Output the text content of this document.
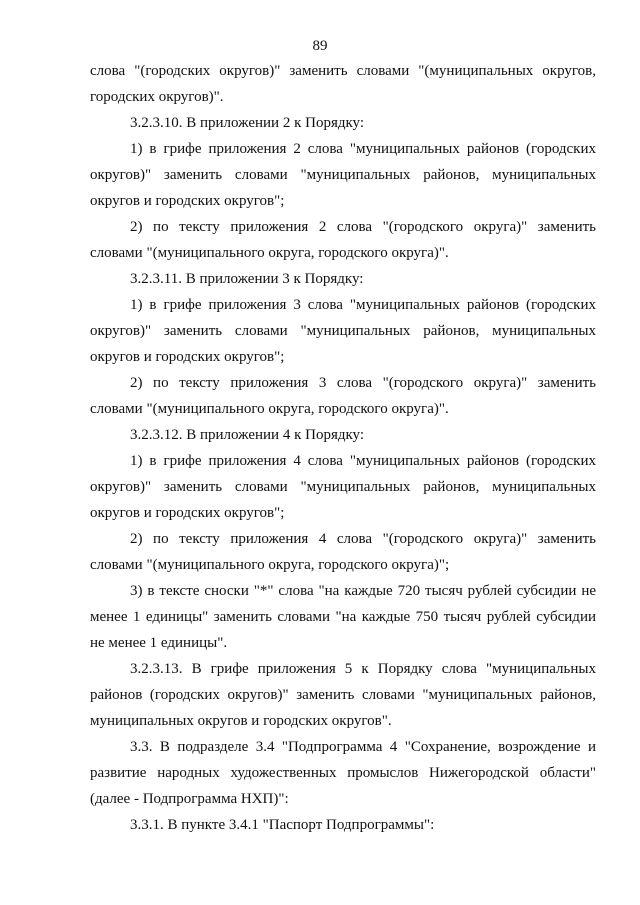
89

слова "(городских округов)" заменить словами "(муниципальных округов, городских округов)".

3.2.3.10. В приложении 2 к Порядку:

1) в грифе приложения 2 слова "муниципальных районов (городских округов)" заменить словами "муниципальных районов, муниципальных округов и городских округов";

2) по тексту приложения 2 слова "(городского округа)" заменить словами "(муниципального округа, городского округа)".

3.2.3.11. В приложении 3 к Порядку:

1) в грифе приложения 3 слова "муниципальных районов (городских округов)" заменить словами "муниципальных районов, муниципальных округов и городских округов";

2) по тексту приложения 3 слова "(городского округа)" заменить словами "(муниципального округа, городского округа)".

3.2.3.12. В приложении 4 к Порядку:

1) в грифе приложения 4 слова "муниципальных районов (городских округов)" заменить словами "муниципальных районов, муниципальных округов и городских округов";

2) по тексту приложения 4 слова "(городского округа)" заменить словами "(муниципального округа, городского округа)";

3) в тексте сноски "*" слова "на каждые 720 тысяч рублей субсидии не менее 1 единицы" заменить словами "на каждые 750 тысяч рублей субсидии не менее 1 единицы".

3.2.3.13. В грифе приложения 5 к Порядку слова "муниципальных районов (городских округов)" заменить словами "муниципальных районов, муниципальных округов и городских округов".

3.3. В подразделе 3.4 "Подпрограмма 4 "Сохранение, возрождение и развитие народных художественных промыслов Нижегородской области" (далее - Подпрограмма НХП)":

3.3.1. В пункте 3.4.1 "Паспорт Подпрограммы":
